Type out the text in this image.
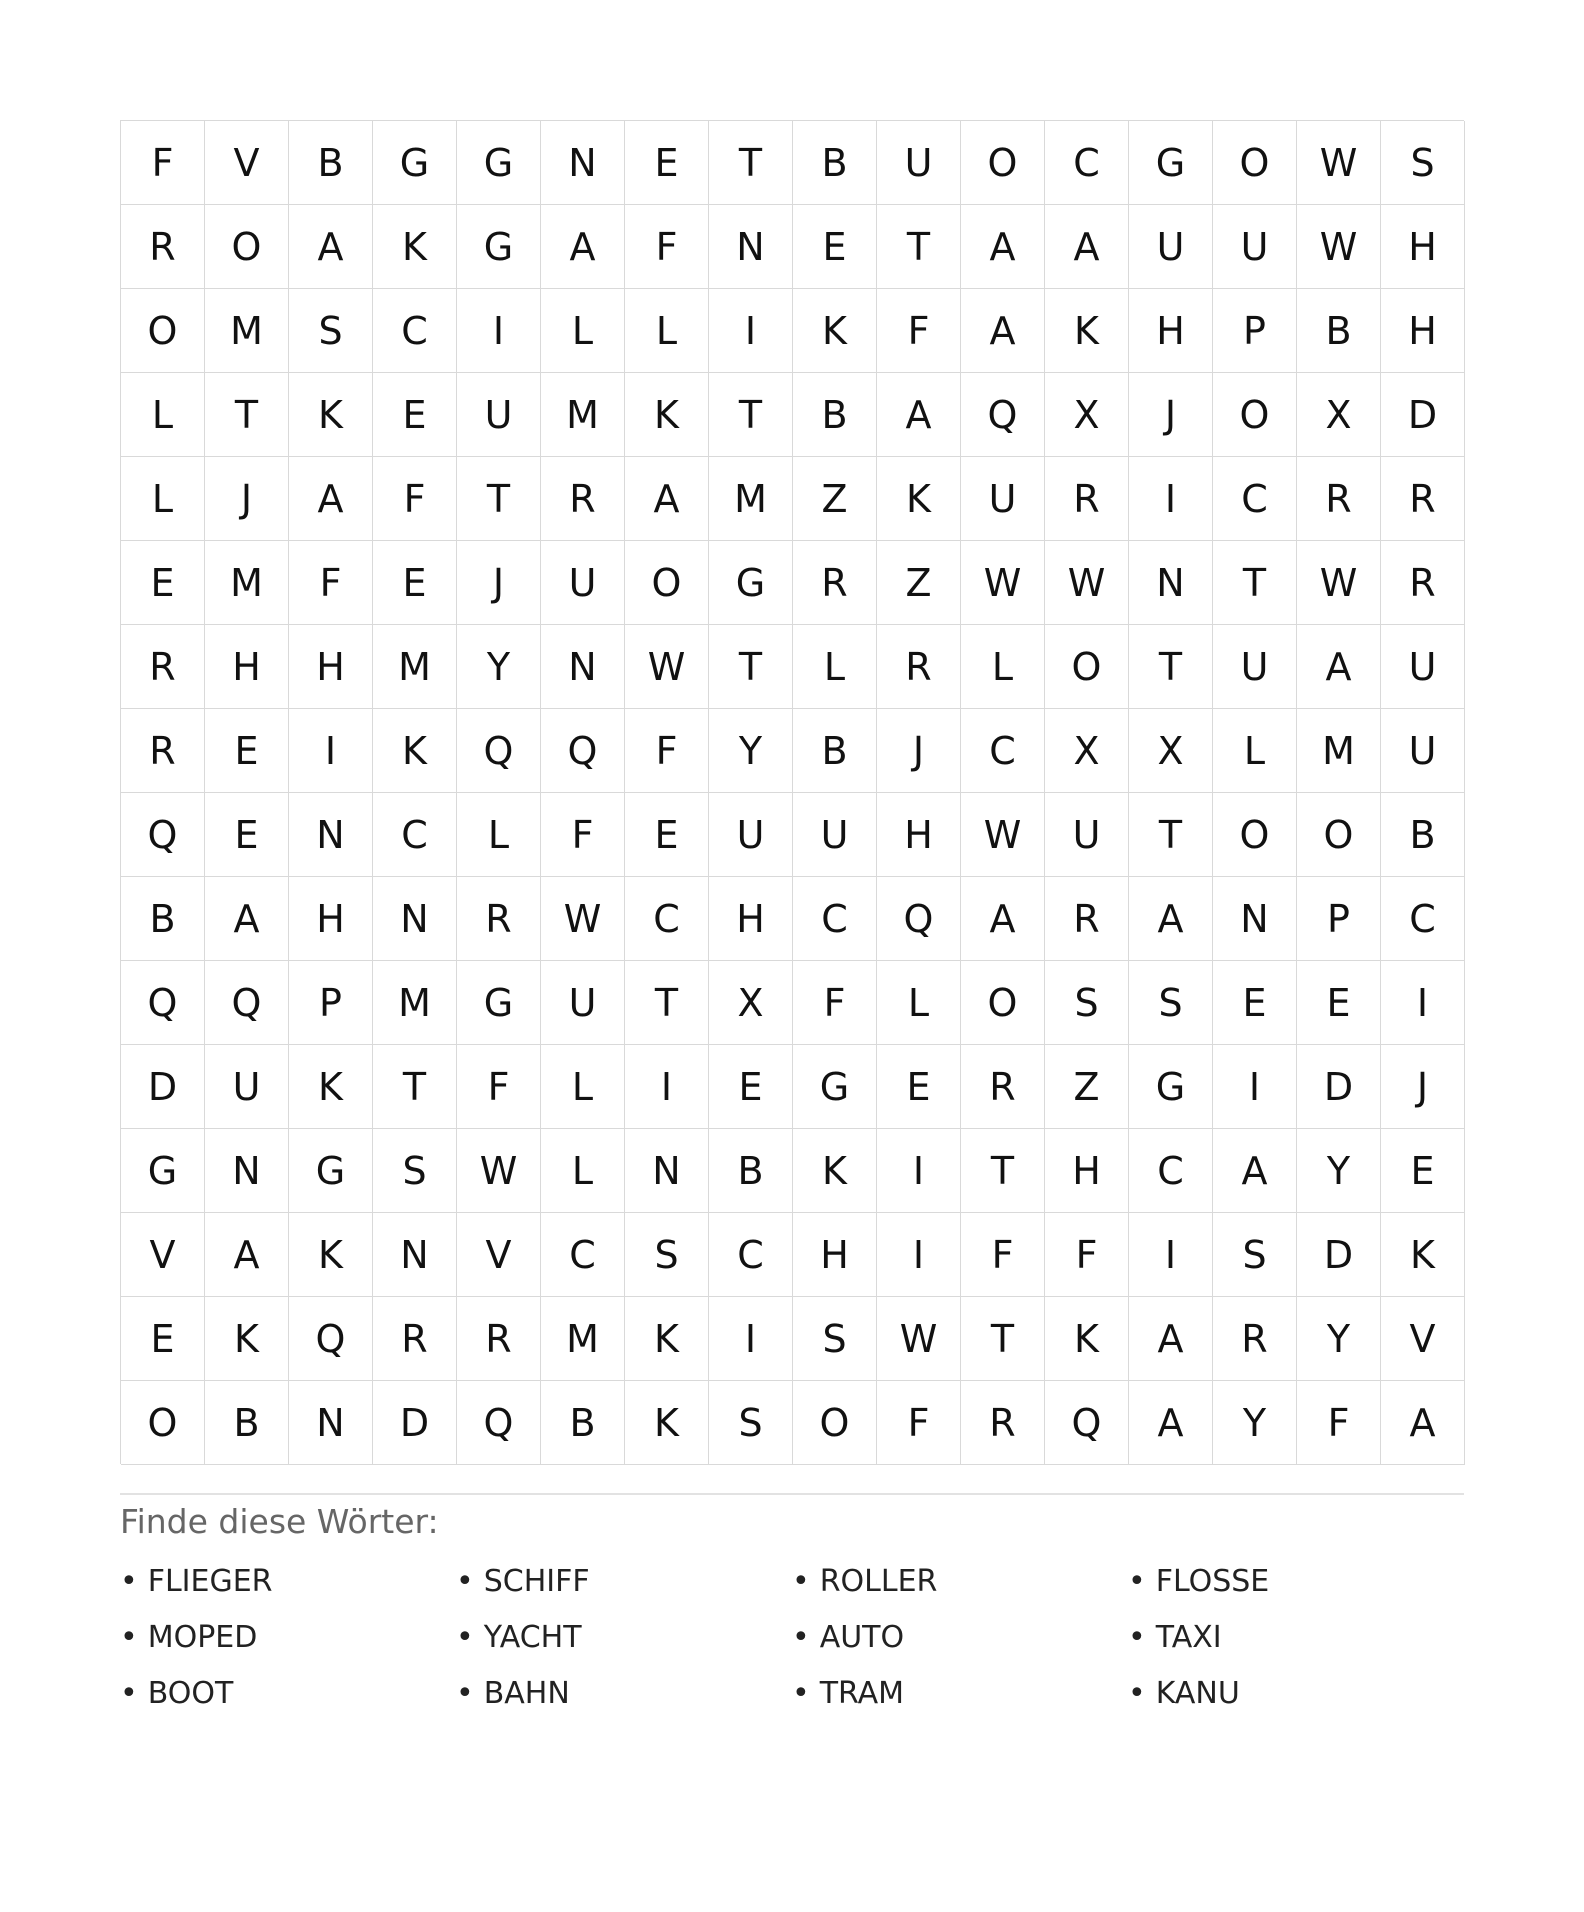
F	V	B	G	G	N	E	T	B	U	O	C	G	O	W	S
R	O	A	K	G	A	F	N	E	T	A	A	U	U	W	H
O	M	S	C	I	L	L	I	K	F	A	K	H	P	B	H
L	T	K	E	U	M	K	T	B	A	Q	X	J	O	X	D
L	J	A	F	T	R	A	M	Z	K	U	R	I	C	R	R
E	M	F	E	J	U	O	G	R	Z	W	W	N	T	W	R
R	H	H	M	Y	N	W	T	L	R	L	O	T	U	A	U
R	E	I	K	Q	Q	F	Y	B	J	C	X	X	L	M	U
Q	E	N	C	L	F	E	U	U	H	W	U	T	O	O	B
B	A	H	N	R	W	C	H	C	Q	A	R	A	N	P	C
Q	Q	P	M	G	U	T	X	F	L	O	S	S	E	E	I
D	U	K	T	F	L	I	E	G	E	R	Z	G	I	D	J
G	N	G	S	W	L	N	B	K	I	T	H	C	A	Y	E
V	A	K	N	V	C	S	C	H	I	F	F	I	S	D	K
E	K	Q	R	R	M	K	I	S	W	T	K	A	R	Y	V
O	B	N	D	Q	B	K	S	O	F	R	Q	A	Y	F	A
Finde diese Wörter:
• FLIEGER	• SCHIFF	• ROLLER	• FLOSSE
• MOPED	• YACHT	• AUTO	• TAXI
• BOOT	• BAHN	• TRAM	• KANU
